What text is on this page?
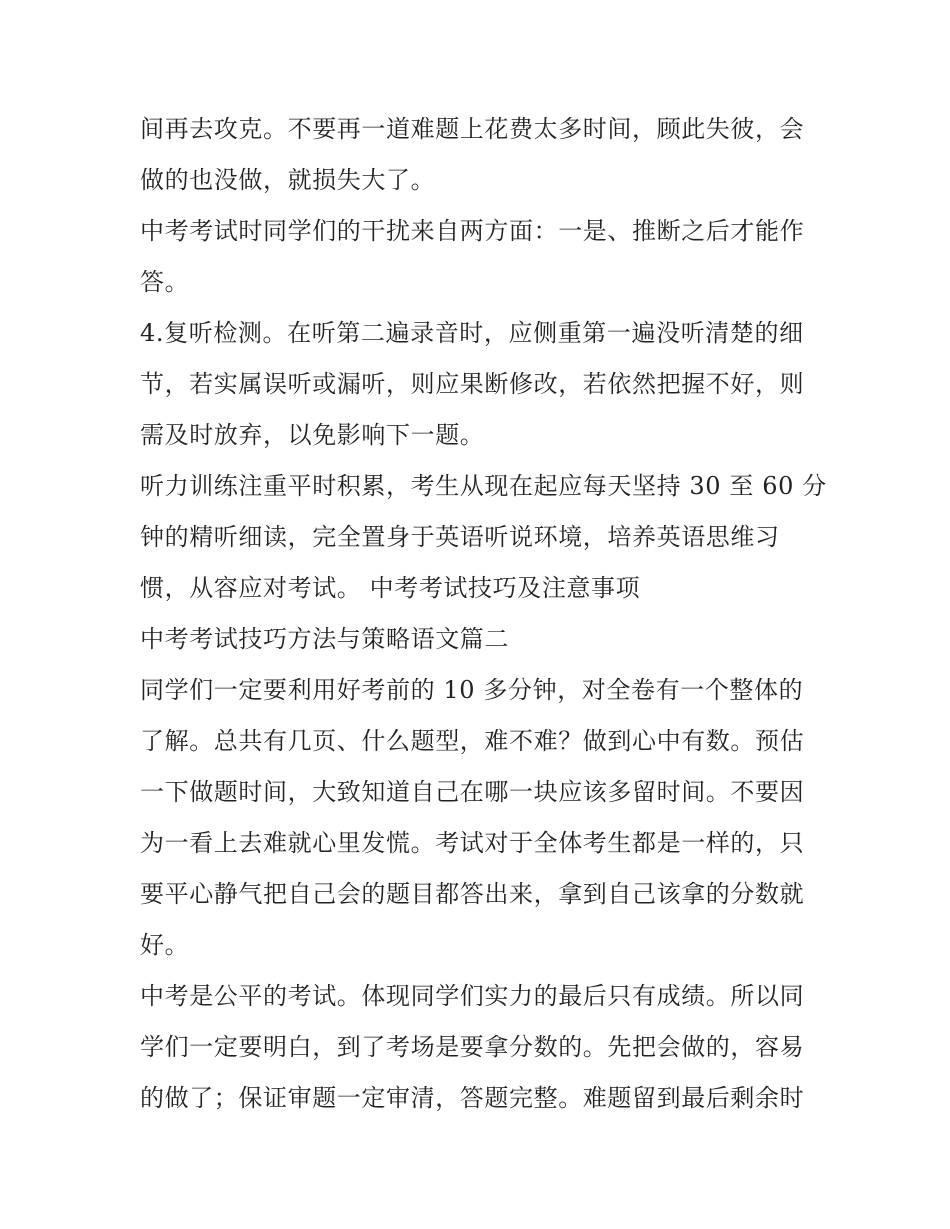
间再去攻克。不要再一道难题上花费太多时间，顾此失彼，会
做的也没做，就损失大了。
中考考试时同学们的干扰来自两方面：一是、推断之后才能作
答。
4.复听检测。在听第二遍录音时，应侧重第一遍没听清楚的细
节，若实属误听或漏听，则应果断修改，若依然把握不好，则
需及时放弃，以免影响下一题。
听力训练注重平时积累，考生从现在起应每天坚持 30 至 60 分
钟的精听细读，完全置身于英语听说环境，培养英语思维习
惯，从容应对考试。 中考考试技巧及注意事项
中考考试技巧方法与策略语文篇二
同学们一定要利用好考前的 10 多分钟，对全卷有一个整体的
了解。总共有几页、什么题型，难不难？做到心中有数。预估
一下做题时间，大致知道自己在哪一块应该多留时间。不要因
为一看上去难就心里发慌。考试对于全体考生都是一样的，只
要平心静气把自己会的题目都答出来，拿到自己该拿的分数就
好。
中考是公平的考试。体现同学们实力的最后只有成绩。所以同
学们一定要明白，到了考场是要拿分数的。先把会做的，容易
的做了；保证审题一定审清，答题完整。难题留到最后剩余时
